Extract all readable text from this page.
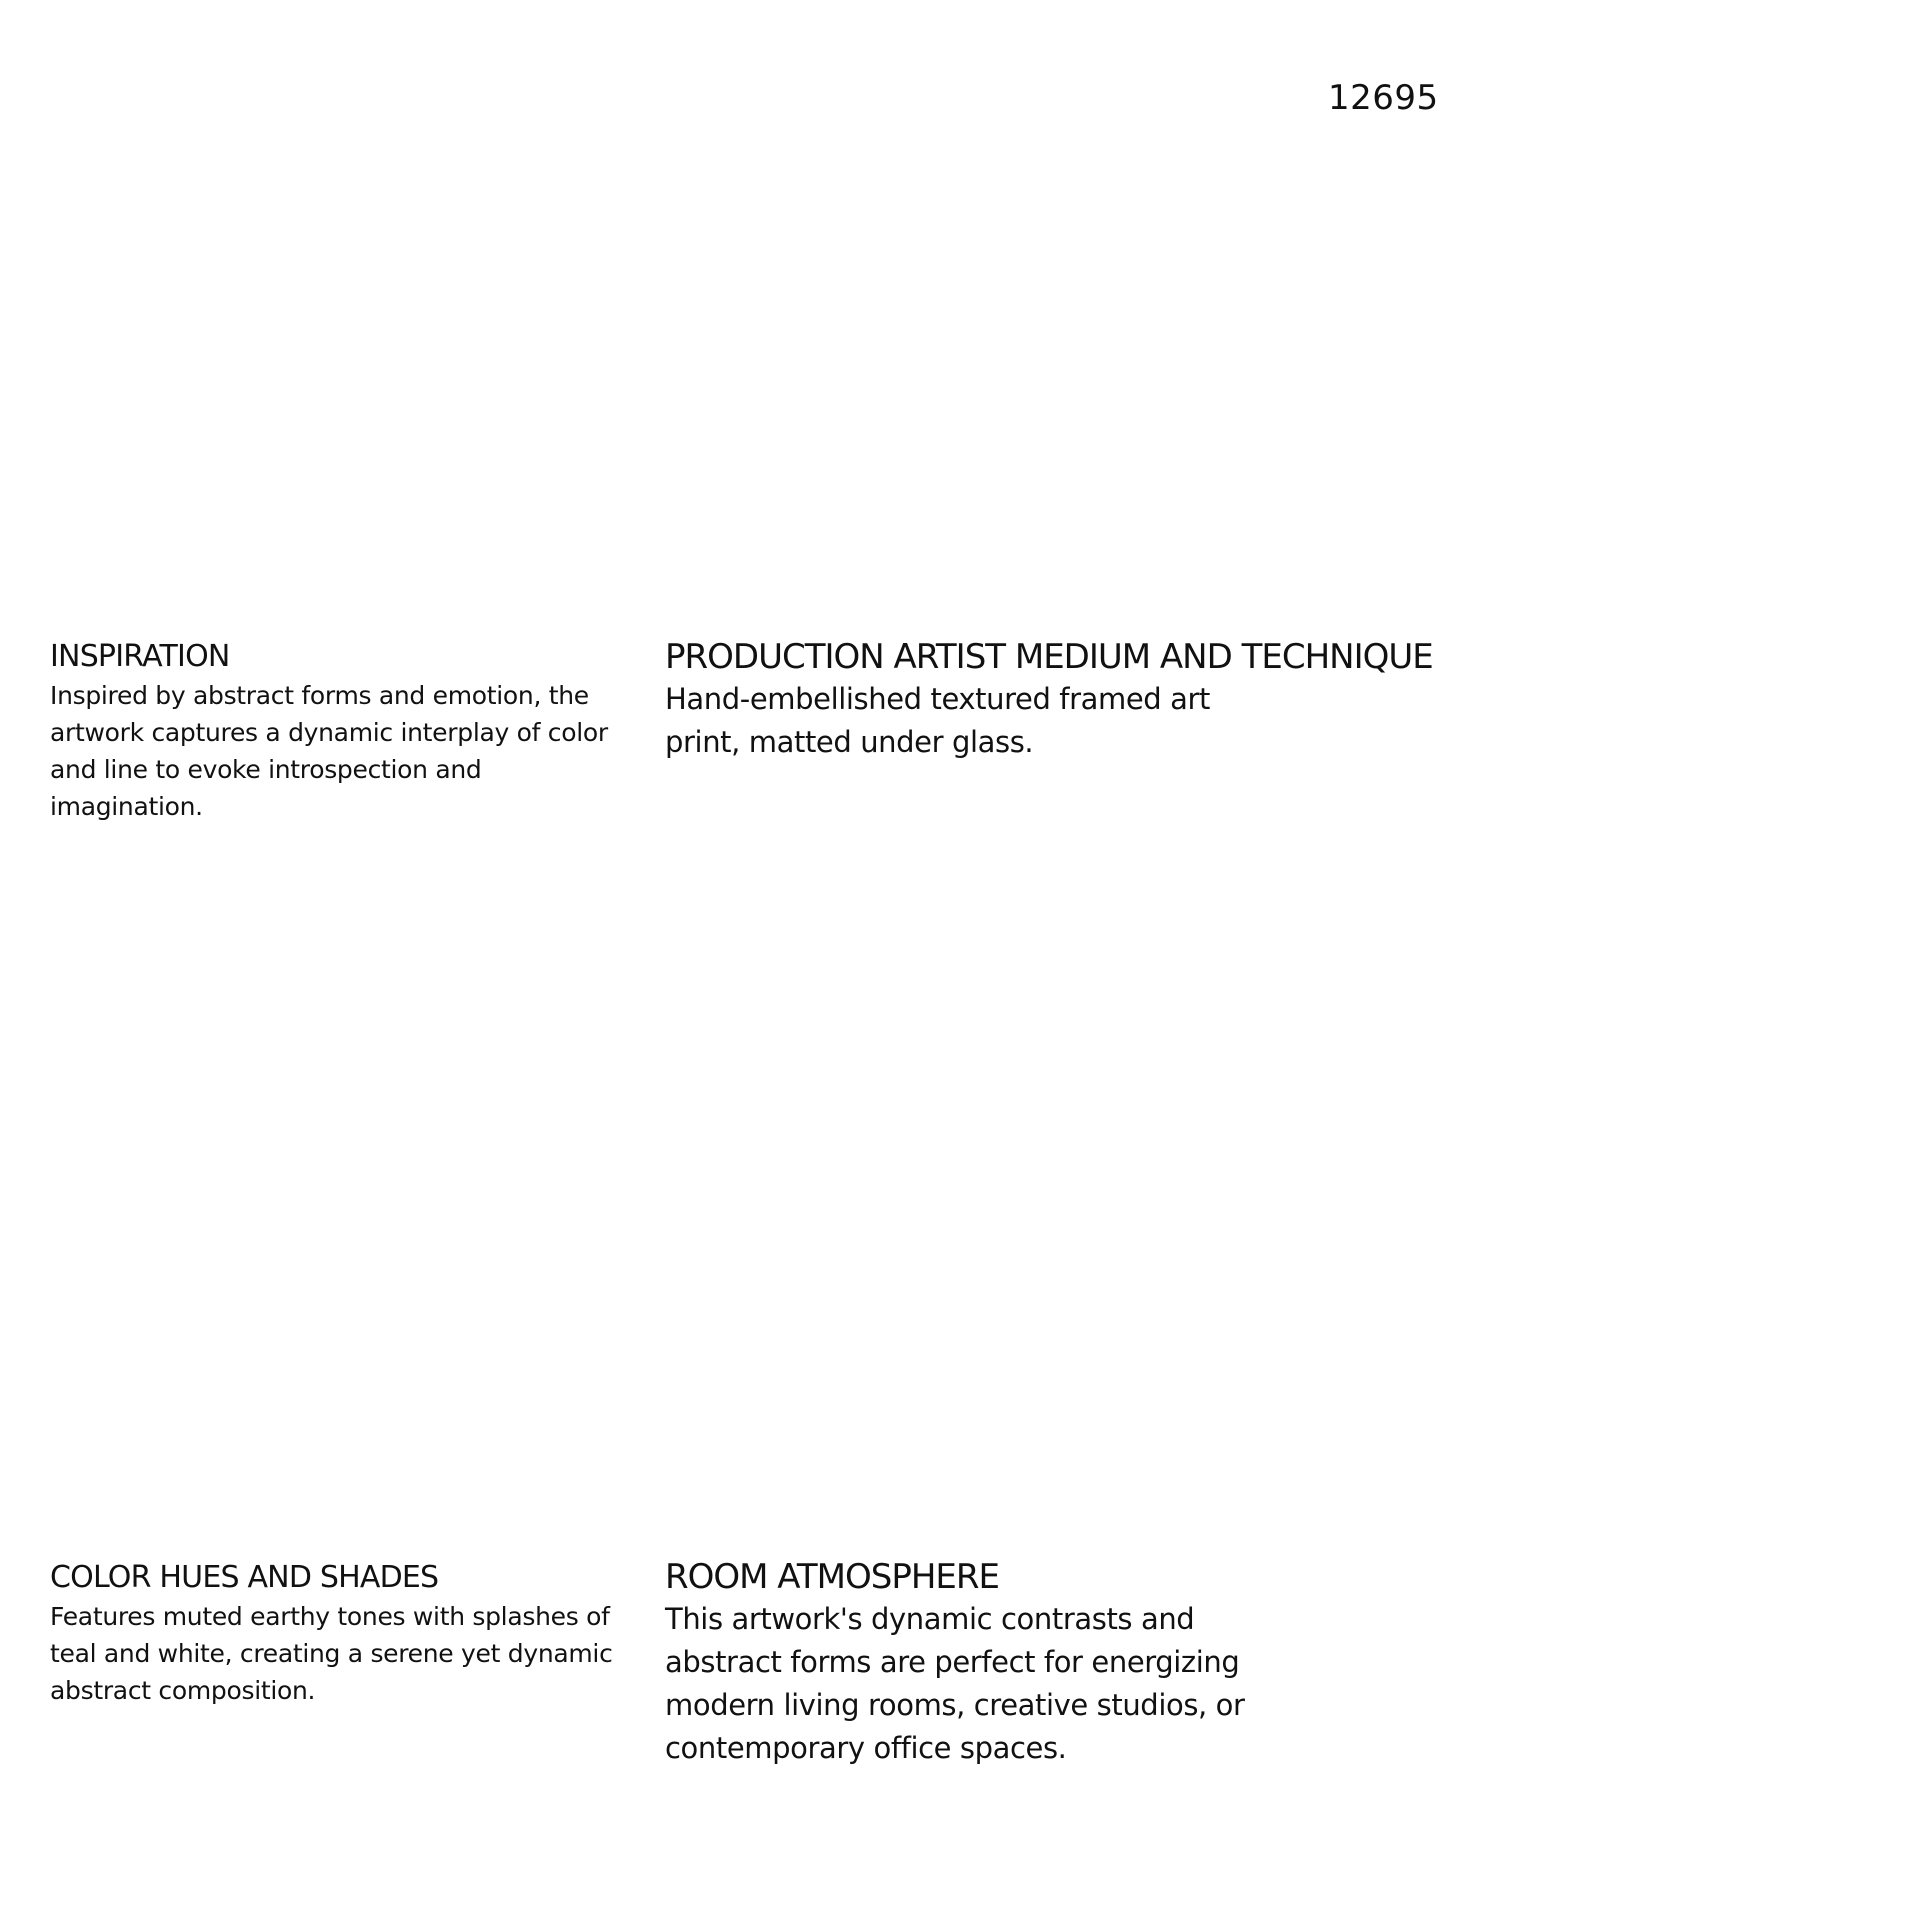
12695
INSPIRATION

Inspired by abstract forms and emotion, the artwork captures a dynamic interplay of color and line to evoke introspection and imagination.

PRODUCTION ARTIST MEDIUM AND TECHNIQUE

Hand-embellished textured framed art print, matted under glass.

COLOR HUES AND SHADES

Features muted earthy tones with splashes of teal and white, creating a serene yet dynamic abstract composition.

ROOM ATMOSPHERE

This artwork's dynamic contrasts and abstract forms are perfect for energizing modern living rooms, creative studios, or contemporary office spaces.
